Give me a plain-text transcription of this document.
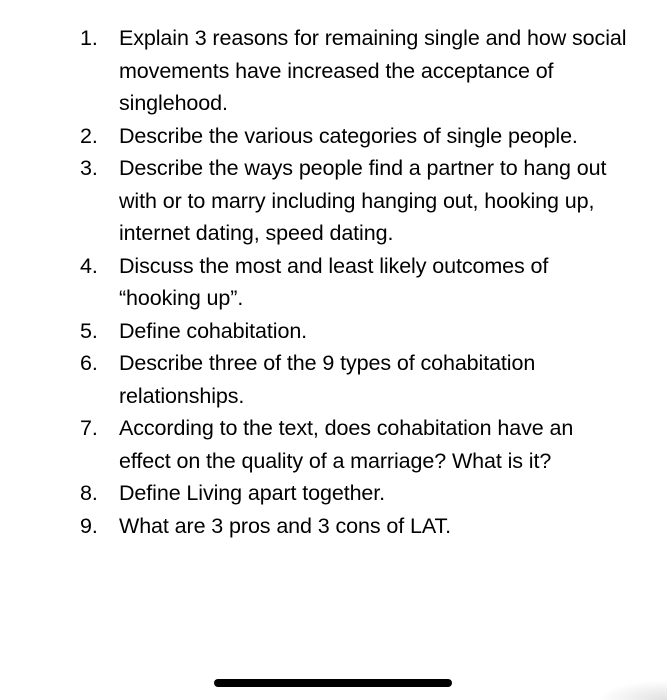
1. Explain 3 reasons for remaining single and how social movements have increased the acceptance of singlehood.
2. Describe the various categories of single people.
3. Describe the ways people find a partner to hang out with or to marry including hanging out, hooking up, internet dating, speed dating.
4. Discuss the most and least likely outcomes of “hooking up”.
5. Define cohabitation.
6. Describe three of the 9 types of cohabitation relationships.
7. According to the text, does cohabitation have an effect on the quality of a marriage? What is it?
8. Define Living apart together.
9. What are 3 pros and 3 cons of LAT.
